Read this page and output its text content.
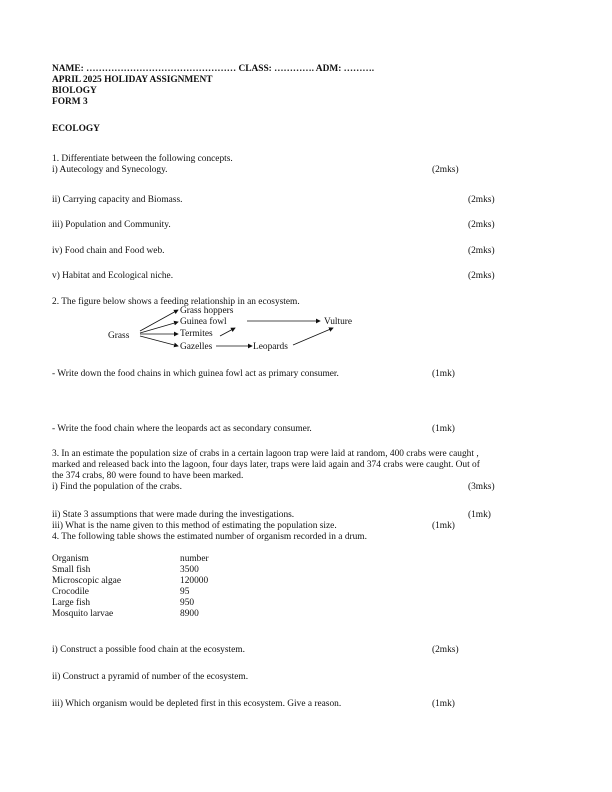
NAME: ………………………………………… CLASS: …………. ADM: ……….
APRIL 2025 HOLIDAY ASSIGNMENT
BIOLOGY
FORM 3
ECOLOGY
1. Differentiate between the following concepts.
i) Autecology and Synecology.	(2mks)
ii) Carrying capacity and Biomass.	(2mks)
iii) Population and Community.	(2mks)
iv) Food chain and Food web.	(2mks)
v) Habitat and Ecological niche.	(2mks)
2. The figure below shows a feeding relationship in an ecosystem.
Grass
Grass hoppers
Guinea fowl
Termites
Gazelles	Leopards
Vulture
- Write down the food chains in which guinea fowl act as primary consumer.	(1mk)
- Write the food chain where the leopards act as secondary consumer.	(1mk)
3. In an estimate the population size of crabs in a certain lagoon trap were laid at random, 400 crabs were caught ,
marked and released back into the lagoon, four days later, traps were laid again and 374 crabs were caught. Out of
the 374 crabs, 80 were found to have been marked.
i) Find the population of the crabs.	(3mks)
ii) State 3 assumptions that were made during the investigations.	(1mk)
iii) What is the name given to this method of estimating the population size.	(1mk)
4. The following table shows the estimated number of organism recorded in a drum.
Organism	number
Small fish	3500
Microscopic algae	120000
Crocodile	95
Large fish	950
Mosquito larvae	8900
i) Construct a possible food chain at the ecosystem.	(2mks)
ii) Construct a pyramid of number of the ecosystem.
iii) Which organism would be depleted first in this ecosystem. Give a reason.	(1mk)
